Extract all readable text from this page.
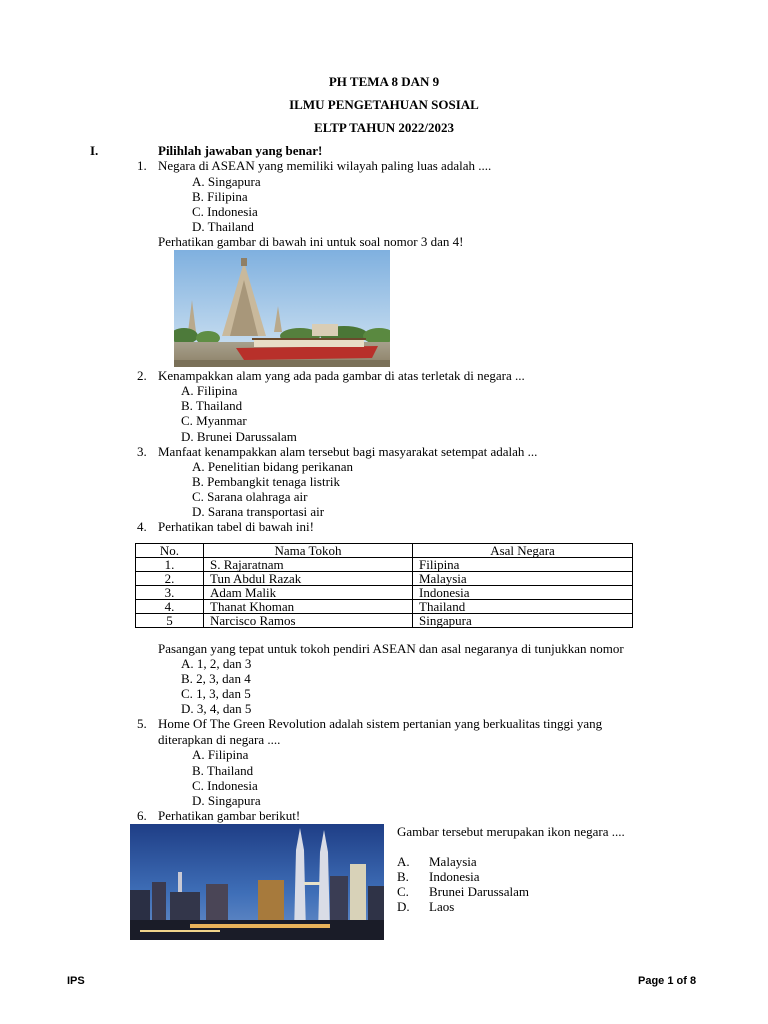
PH TEMA 8 DAN 9
ILMU PENGETAHUAN SOSIAL
ELTP TAHUN 2022/2023
I.	Pilihlah jawaban yang benar!
1. Negara di ASEAN yang memiliki wilayah paling luas adalah ....
A. Singapura
B. Filipina
C. Indonesia
D. Thailand
Perhatikan gambar di bawah ini untuk soal nomor 3 dan 4!
2. Kenampakkan alam yang ada pada gambar di atas terletak di negara ...
A. Filipina
B. Thailand
C. Myanmar
D. Brunei Darussalam
3. Manfaat kenampakkan alam tersebut bagi masyarakat setempat adalah ...
A. Penelitian bidang perikanan
B. Pembangkit tenaga listrik
C. Sarana olahraga air
D. Sarana transportasi air
4. Perhatikan tabel di bawah ini!
No.	Nama Tokoh	Asal Negara
1.	S. Rajaratnam	Filipina
2.	Tun Abdul Razak	Malaysia
3.	Adam Malik	Indonesia
4.	Thanat Khoman	Thailand
5	Narcisco Ramos	Singapura
Pasangan yang tepat untuk tokoh pendiri ASEAN dan asal negaranya di tunjukkan nomor
A. 1, 2, dan 3
B. 2, 3, dan 4
C. 1, 3, dan 5
D. 3, 4, dan 5
5. Home Of The Green Revolution adalah sistem pertanian yang berkualitas tinggi yang
diterapkan di negara ....
A. Filipina
B. Thailand
C. Indonesia
D. Singapura
6. Perhatikan gambar berikut!
Gambar tersebut merupakan ikon negara ....
A. Malaysia
B. Indonesia
C. Brunei Darussalam
D. Laos
IPS	Page 1 of 8
